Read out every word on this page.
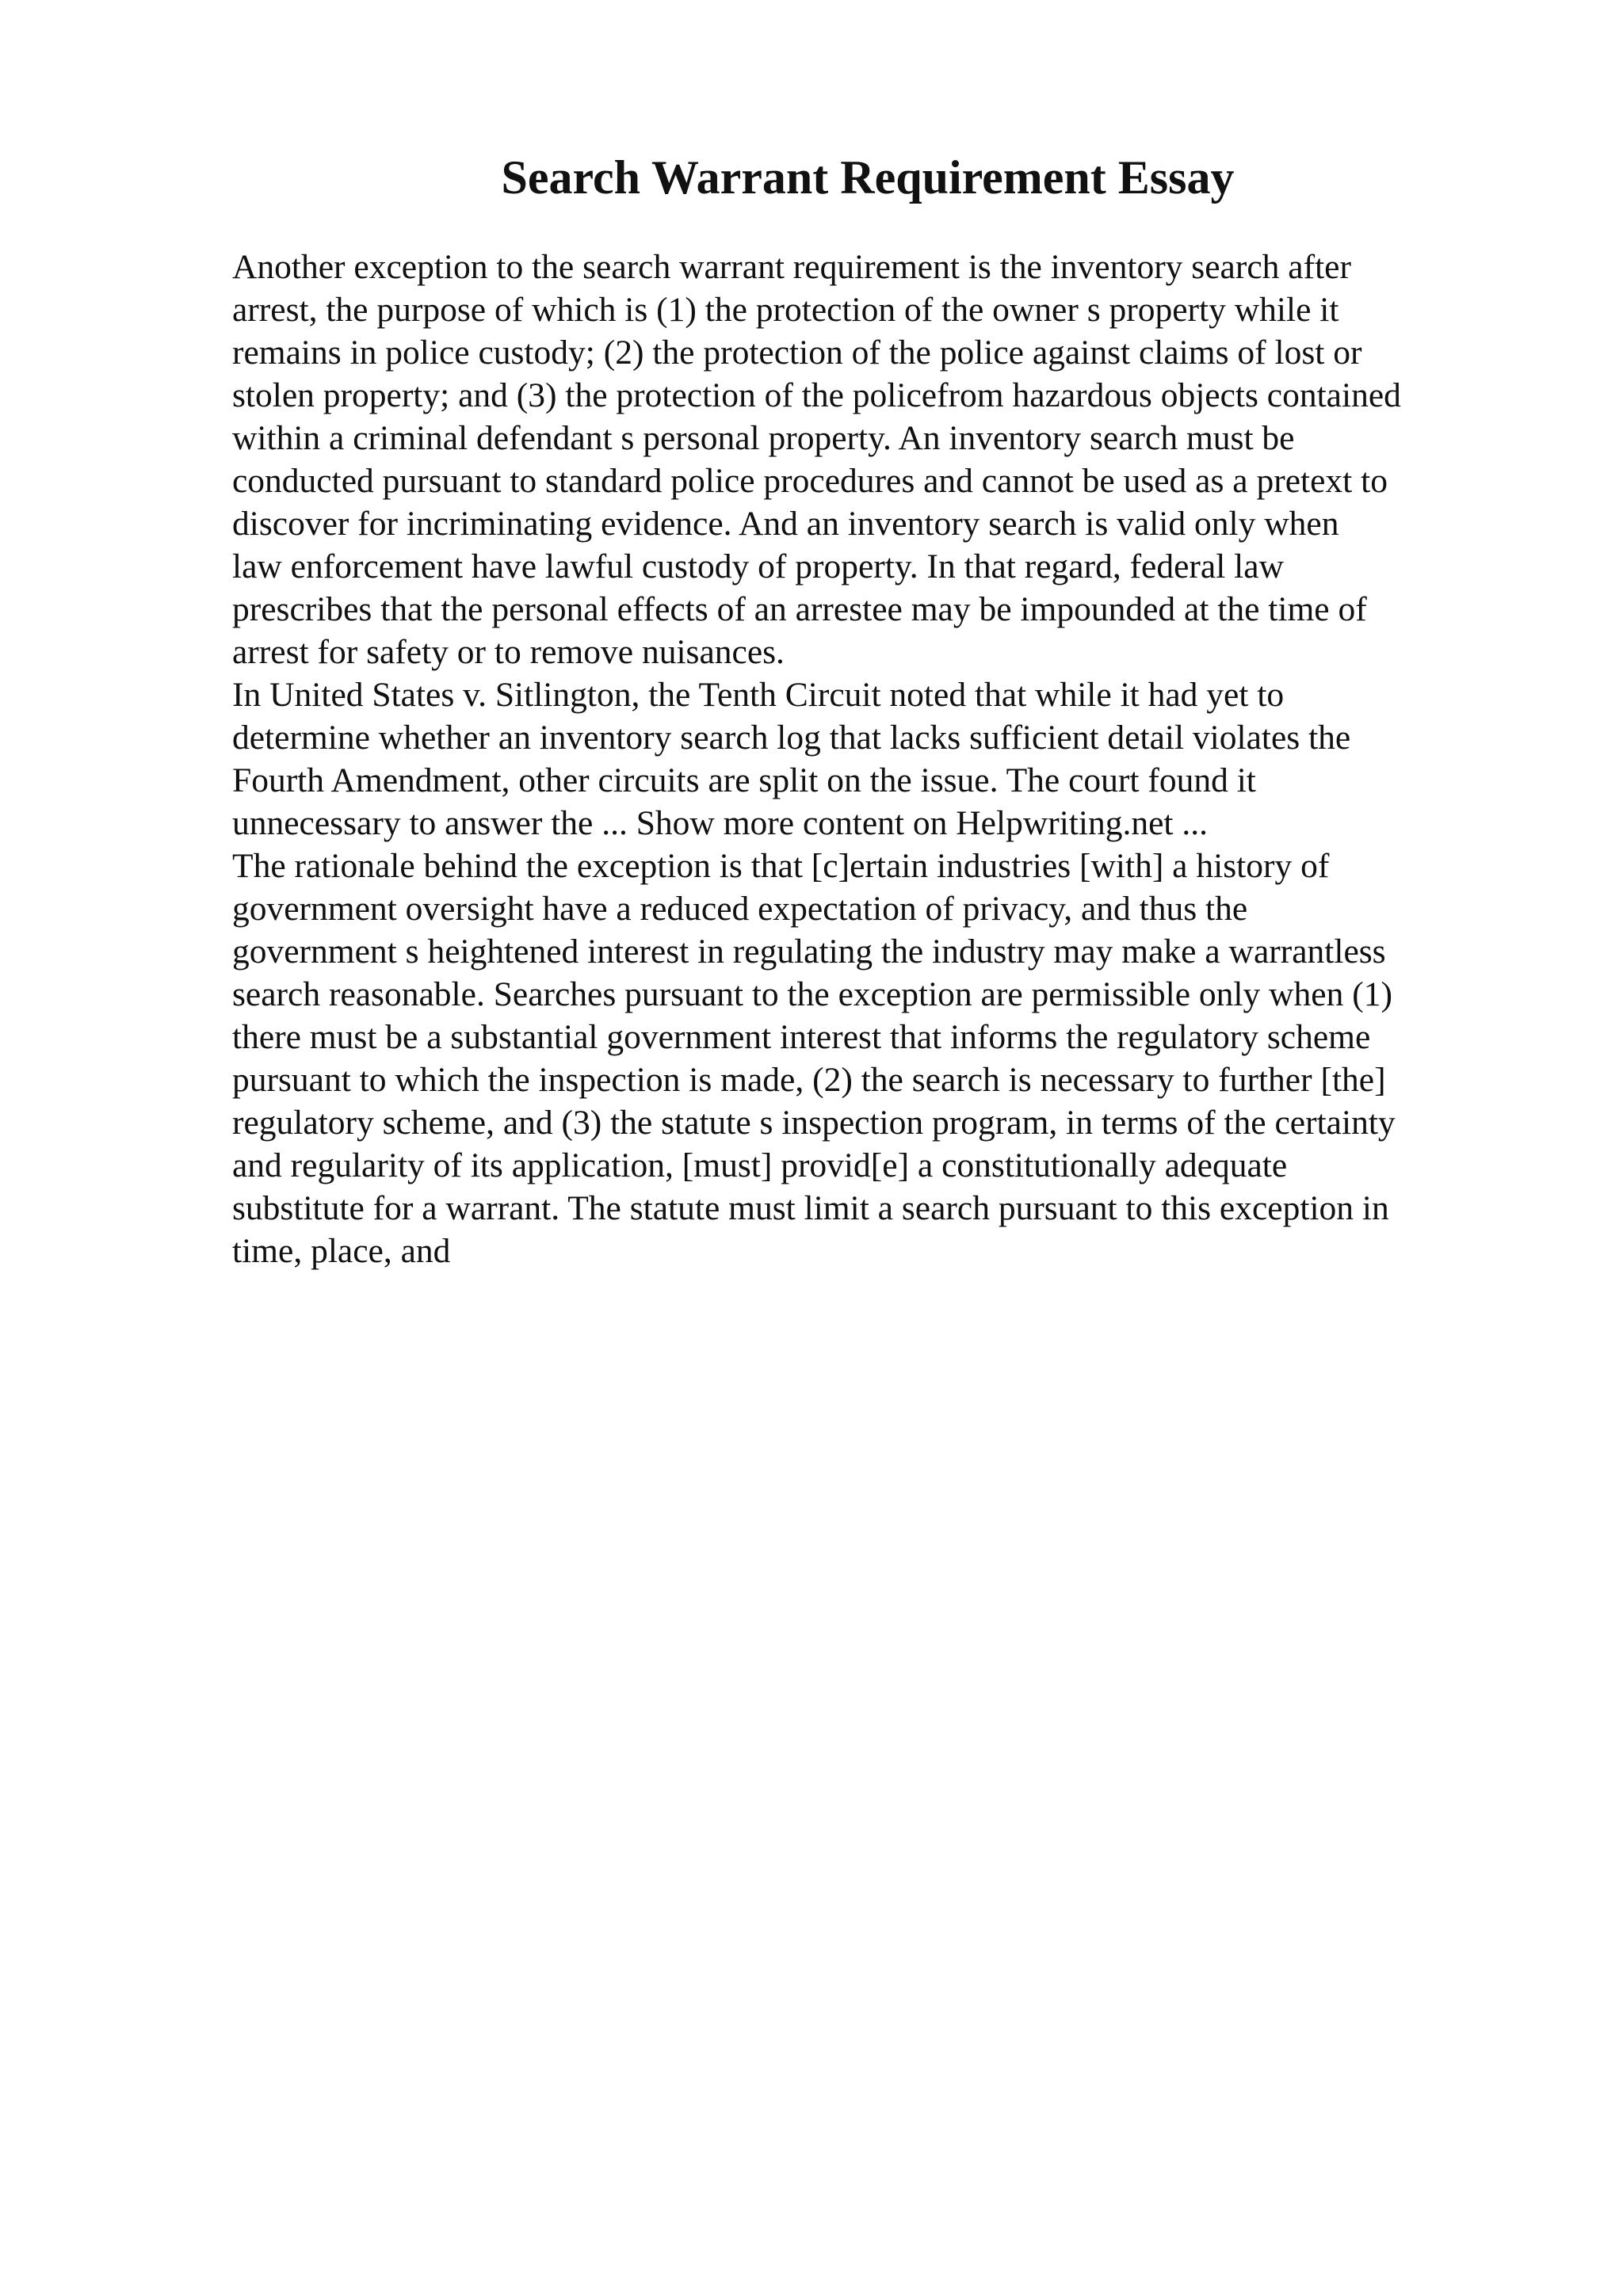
Search Warrant Requirement Essay
Another exception to the search warrant requirement is the inventory search after
arrest, the purpose of which is (1) the protection of the owner s property while it
remains in police custody; (2) the protection of the police against claims of lost or
stolen property; and (3) the protection of the policefrom hazardous objects contained
within a criminal defendant s personal property. An inventory search must be
conducted pursuant to standard police procedures and cannot be used as a pretext to
discover for incriminating evidence. And an inventory search is valid only when
law enforcement have lawful custody of property. In that regard, federal law
prescribes that the personal effects of an arrestee may be impounded at the time of
arrest for safety or to remove nuisances.
In United States v. Sitlington, the Tenth Circuit noted that while it had yet to
determine whether an inventory search log that lacks sufficient detail violates the
Fourth Amendment, other circuits are split on the issue. The court found it
unnecessary to answer the ... Show more content on Helpwriting.net ...
The rationale behind the exception is that [c]ertain industries [with] a history of
government oversight have a reduced expectation of privacy, and thus the
government s heightened interest in regulating the industry may make a warrantless
search reasonable. Searches pursuant to the exception are permissible only when (1)
there must be a substantial government interest that informs the regulatory scheme
pursuant to which the inspection is made, (2) the search is necessary to further [the]
regulatory scheme, and (3) the statute s inspection program, in terms of the certainty
and regularity of its application, [must] provid[e] a constitutionally adequate
substitute for a warrant. The statute must limit a search pursuant to this exception in
time, place, and
